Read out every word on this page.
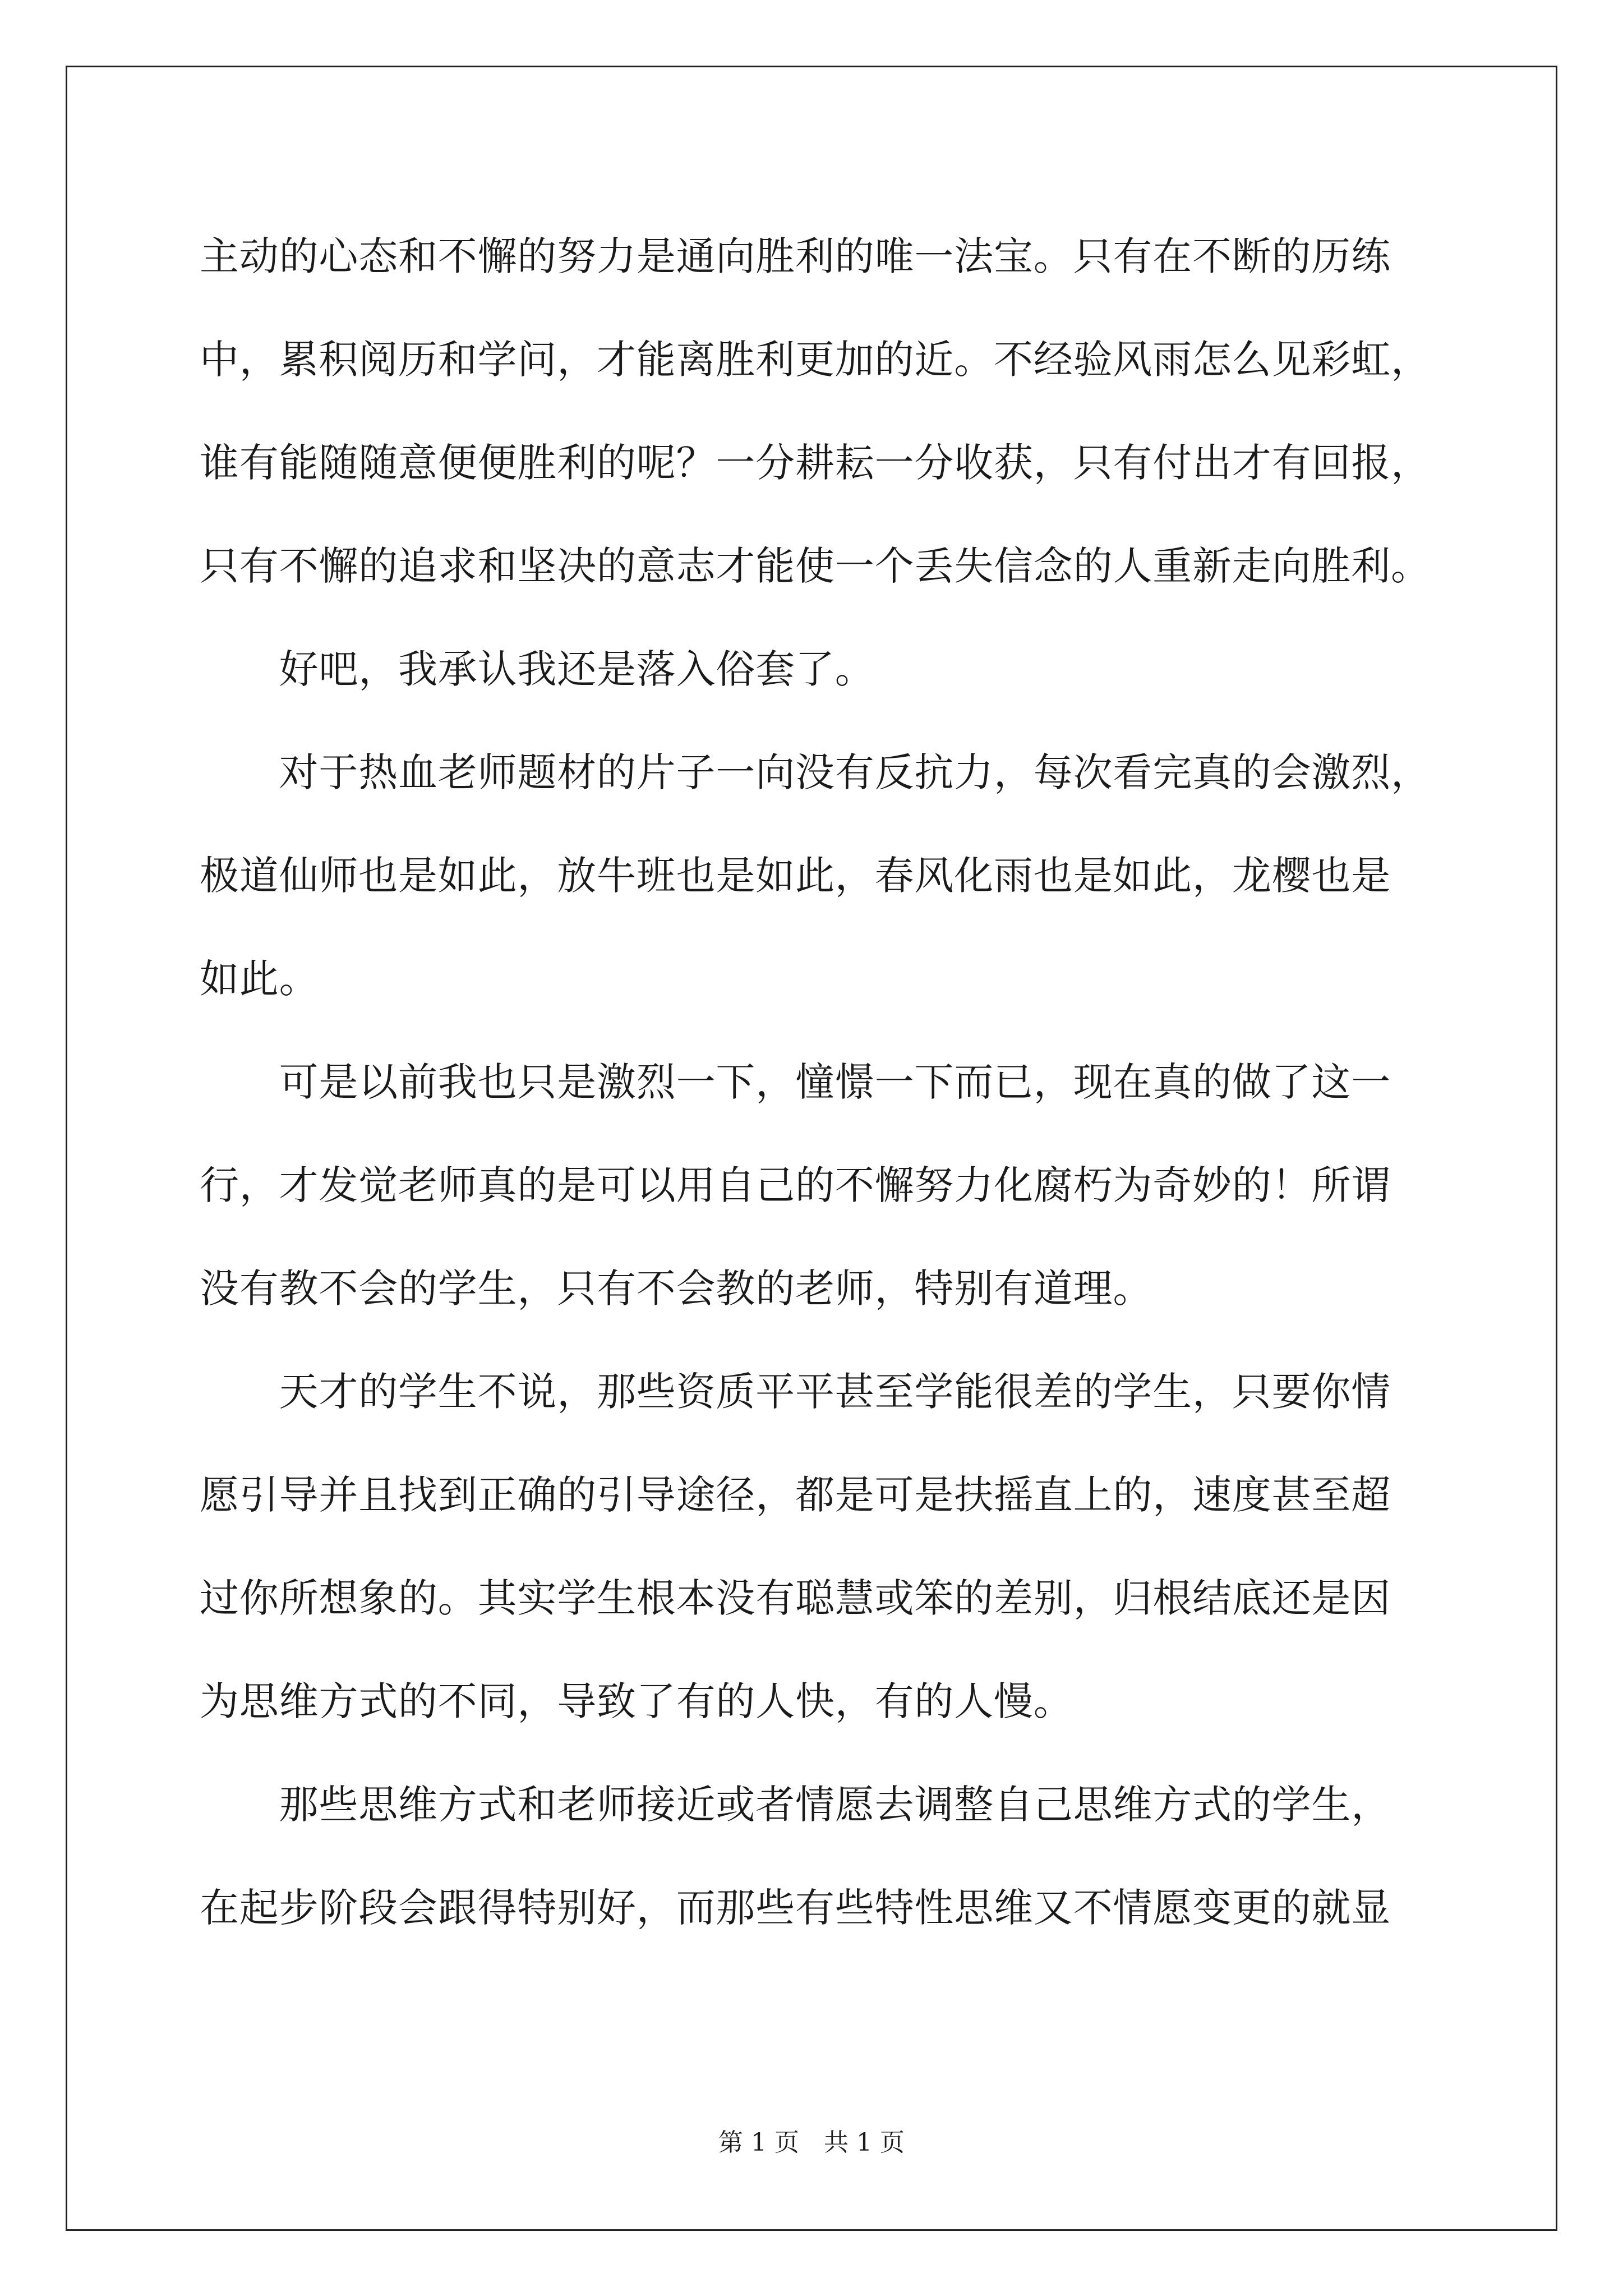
主动的心态和不懈的努力是通向胜利的唯一法宝。只有在不断的历练
中，累积阅历和学问，才能离胜利更加的近。不经验风雨怎么见彩虹，
谁有能随随意便便胜利的呢？一分耕耘一分收获，只有付出才有回报，
只有不懈的追求和坚决的意志才能使一个丢失信念的人重新走向胜利。
　　好吧，我承认我还是落入俗套了。
　　对于热血老师题材的片子一向没有反抗力，每次看完真的会激烈，
极道仙师也是如此，放牛班也是如此，春风化雨也是如此，龙樱也是
如此。
　　可是以前我也只是激烈一下，憧憬一下而已，现在真的做了这一
行，才发觉老师真的是可以用自己的不懈努力化腐朽为奇妙的！所谓
没有教不会的学生，只有不会教的老师，特别有道理。
　　天才的学生不说，那些资质平平甚至学能很差的学生，只要你情
愿引导并且找到正确的引导途径，都是可是扶摇直上的，速度甚至超
过你所想象的。其实学生根本没有聪慧或笨的差别，归根结底还是因
为思维方式的不同，导致了有的人快，有的人慢。
　　那些思维方式和老师接近或者情愿去调整自己思维方式的学生，
在起步阶段会跟得特别好，而那些有些特性思维又不情愿变更的就显
第 1 页　共 1 页
